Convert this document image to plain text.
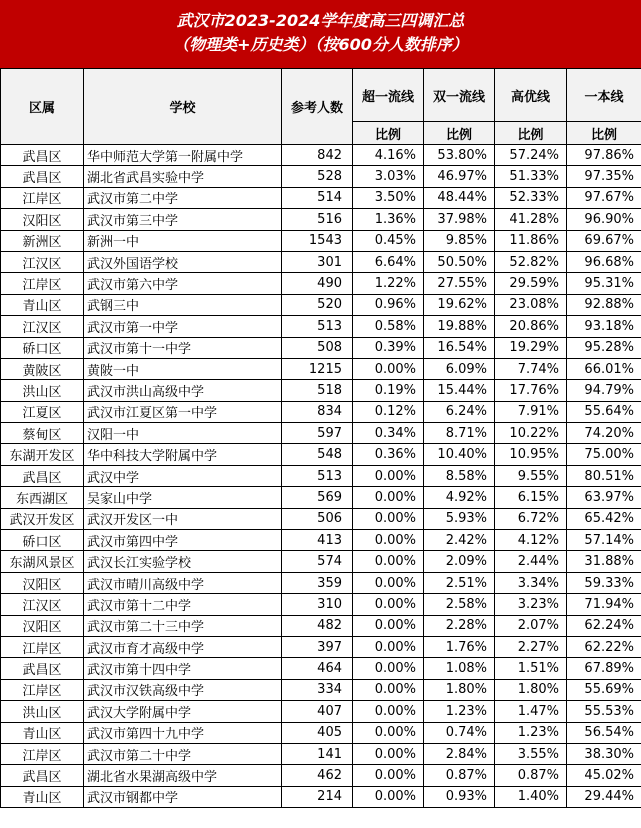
武汉市2023-2024学年度高三四调汇总
（物理类+历史类）（按600分人数排序）
区属	学校	参考人数	超一流线	双一流线	高优线	一本线
			比例	比例	比例	比例
武昌区	华中师范大学第一附属中学	842	4.16%	53.80%	57.24%	97.86%
武昌区	湖北省武昌实验中学	528	3.03%	46.97%	51.33%	97.35%
江岸区	武汉市第二中学	514	3.50%	48.44%	52.33%	97.67%
汉阳区	武汉市第三中学	516	1.36%	37.98%	41.28%	96.90%
新洲区	新洲一中	1543	0.45%	9.85%	11.86%	69.67%
江汉区	武汉外国语学校	301	6.64%	50.50%	52.82%	96.68%
江岸区	武汉市第六中学	490	1.22%	27.55%	29.59%	95.31%
青山区	武钢三中	520	0.96%	19.62%	23.08%	92.88%
江汉区	武汉市第一中学	513	0.58%	19.88%	20.86%	93.18%
硚口区	武汉市第十一中学	508	0.39%	16.54%	19.29%	95.28%
黄陂区	黄陂一中	1215	0.00%	6.09%	7.74%	66.01%
洪山区	武汉市洪山高级中学	518	0.19%	15.44%	17.76%	94.79%
江夏区	武汉市江夏区第一中学	834	0.12%	6.24%	7.91%	55.64%
蔡甸区	汉阳一中	597	0.34%	8.71%	10.22%	74.20%
东湖开发区	华中科技大学附属中学	548	0.36%	10.40%	10.95%	75.00%
武昌区	武汉中学	513	0.00%	8.58%	9.55%	80.51%
东西湖区	吴家山中学	569	0.00%	4.92%	6.15%	63.97%
武汉开发区	武汉开发区一中	506	0.00%	5.93%	6.72%	65.42%
硚口区	武汉市第四中学	413	0.00%	2.42%	4.12%	57.14%
东湖风景区	武汉长江实验学校	574	0.00%	2.09%	2.44%	31.88%
汉阳区	武汉市晴川高级中学	359	0.00%	2.51%	3.34%	59.33%
江汉区	武汉市第十二中学	310	0.00%	2.58%	3.23%	71.94%
汉阳区	武汉市第二十三中学	482	0.00%	2.28%	2.07%	62.24%
江岸区	武汉市育才高级中学	397	0.00%	1.76%	2.27%	62.22%
武昌区	武汉市第十四中学	464	0.00%	1.08%	1.51%	67.89%
江岸区	武汉市汉铁高级中学	334	0.00%	1.80%	1.80%	55.69%
洪山区	武汉大学附属中学	407	0.00%	1.23%	1.47%	55.53%
青山区	武汉市第四十九中学	405	0.00%	0.74%	1.23%	56.54%
江岸区	武汉市第二十中学	141	0.00%	2.84%	3.55%	38.30%
武昌区	湖北省水果湖高级中学	462	0.00%	0.87%	0.87%	45.02%
青山区	武汉市钢都中学	214	0.00%	0.93%	1.40%	29.44%
